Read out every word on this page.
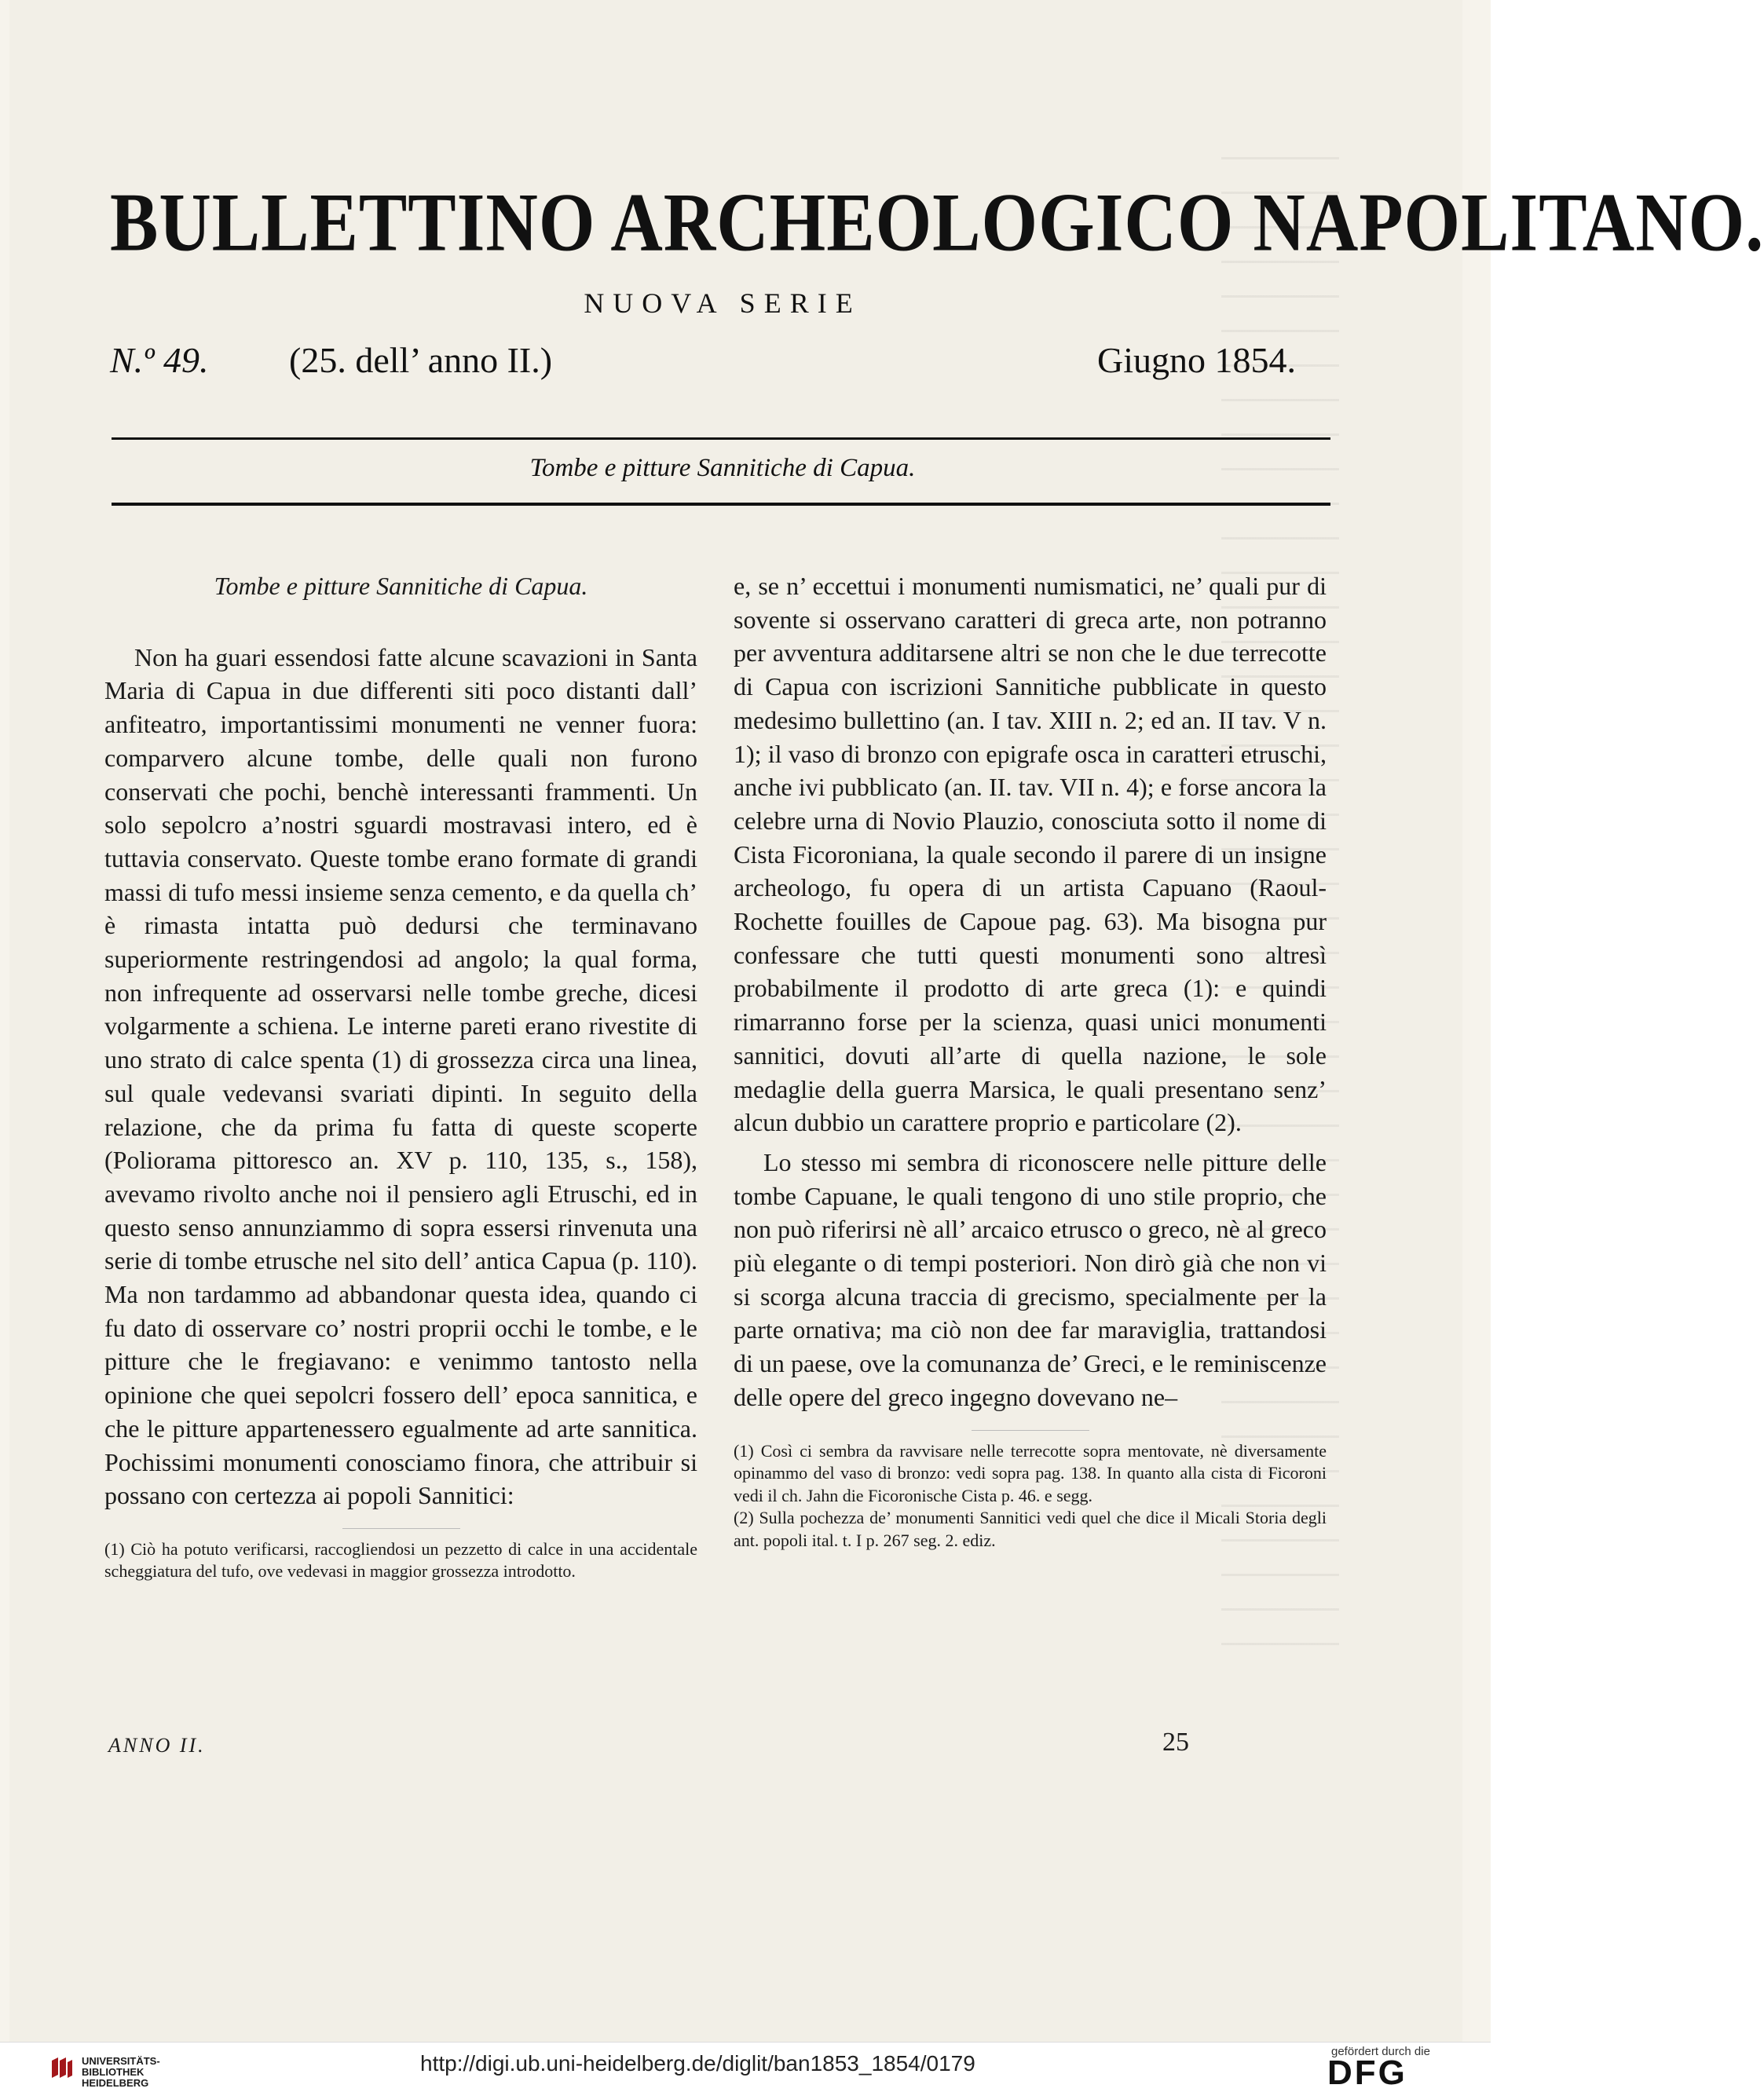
BULLETTINO ARCHEOLOGICO NAPOLITANO.
NUOVA SERIE
N.º 49. (25. dell’ anno II.)	Giugno 1854.
Tombe e pitture Sannitiche di Capua.

Tombe e pitture Sannitiche di Capua.

Non ha guari essendosi fatte alcune scavazioni in Santa Maria di Capua in due differenti siti poco distanti dall’ anfiteatro, importantissimi monumenti ne venner fuora: comparvero alcune tombe, delle quali non furono conservati che pochi, benchè interessanti frammenti. Un solo sepolcro a’nostri sguardi mostravasi intero, ed è tuttavia conservato. Queste tombe erano formate di grandi massi di tufo messi insieme senza cemento, e da quella ch’ è rimasta intatta può dedursi che terminavano superiormente restringendosi ad angolo; la qual forma, non infrequente ad osservarsi nelle tombe greche, dicesi volgarmente a schiena. Le interne pareti erano rivestite di uno strato di calce spenta (1) di grossezza circa una linea, sul quale vedevansi svariati dipinti. In seguito della relazione, che da prima fu fatta di queste scoperte (Poliorama pittoresco an. XV p. 110, 135, s., 158), avevamo rivolto anche noi il pensiero agli Etruschi, ed in questo senso annunziammo di sopra essersi rinvenuta una serie di tombe etrusche nel sito dell’ antica Capua (p. 110). Ma non tardammo ad abbandonar questa idea, quando ci fu dato di osservare co’ nostri proprii occhi le tombe, e le pitture che le fregiavano: e venimmo tantosto nella opinione che quei sepolcri fossero dell’ epoca sannitica, e che le pitture appartenessero egualmente ad arte sannitica. Pochissimi monumenti conosciamo finora, che attribuir si possano con certezza ai popoli Sannitici:

(1) Ciò ha potuto verificarsi, raccogliendosi un pezzetto di calce in una accidentale scheggiatura del tufo, ove vedevasi in maggior grossezza introdotto.

e, se n’ eccettui i monumenti numismatici, ne’ quali pur di sovente si osservano caratteri di greca arte, non potranno per avventura additarsene altri se non che le due terrecotte di Capua con iscrizioni Sannitiche pubblicate in questo medesimo bullettino (an. I tav. XIII n. 2; ed an. II tav. V n. 1); il vaso di bronzo con epigrafe osca in caratteri etruschi, anche ivi pubblicato (an. II. tav. VII n. 4); e forse ancora la celebre urna di Novio Plauzio, conosciuta sotto il nome di Cista Ficoroniana, la quale secondo il parere di un insigne archeologo, fu opera di un artista Capuano (Raoul-Rochette fouilles de Capoue pag. 63). Ma bisogna pur confessare che tutti questi monumenti sono altresì probabilmente il prodotto di arte greca (1): e quindi rimarranno forse per la scienza, quasi unici monumenti sannitici, dovuti all’arte di quella nazione, le sole medaglie della guerra Marsica, le quali presentano senz’ alcun dubbio un carattere proprio e particolare (2).

Lo stesso mi sembra di riconoscere nelle pitture delle tombe Capuane, le quali tengono di uno stile proprio, che non può riferirsi nè all’ arcaico etrusco o greco, nè al greco più elegante o di tempi posteriori. Non dirò già che non vi si scorga alcuna traccia di grecismo, specialmente per la parte ornativa; ma ciò non dee far maraviglia, trattandosi di un paese, ove la comunanza de’ Greci, e le reminiscenze delle opere del greco ingegno dovevano ne–

(1) Così ci sembra da ravvisare nelle terrecotte sopra mentovate, nè diversamente opinammo del vaso di bronzo: vedi sopra pag. 138. In quanto alla cista di Ficoroni vedi il ch. Jahn die Ficoronische Cista p. 46. e segg.

(2) Sulla pochezza de’ monumenti Sannitici vedi quel che dice il Micali Storia degli ant. popoli ital. t. I p. 267 seg. 2. ediz.

ANNO II.	25
UNIVERSITÄTS-
BIBLIOTHEK
HEIDELBERG
http://digi.ub.uni-heidelberg.de/diglit/ban1853_1854/0179	gefördert durch die
DFG
